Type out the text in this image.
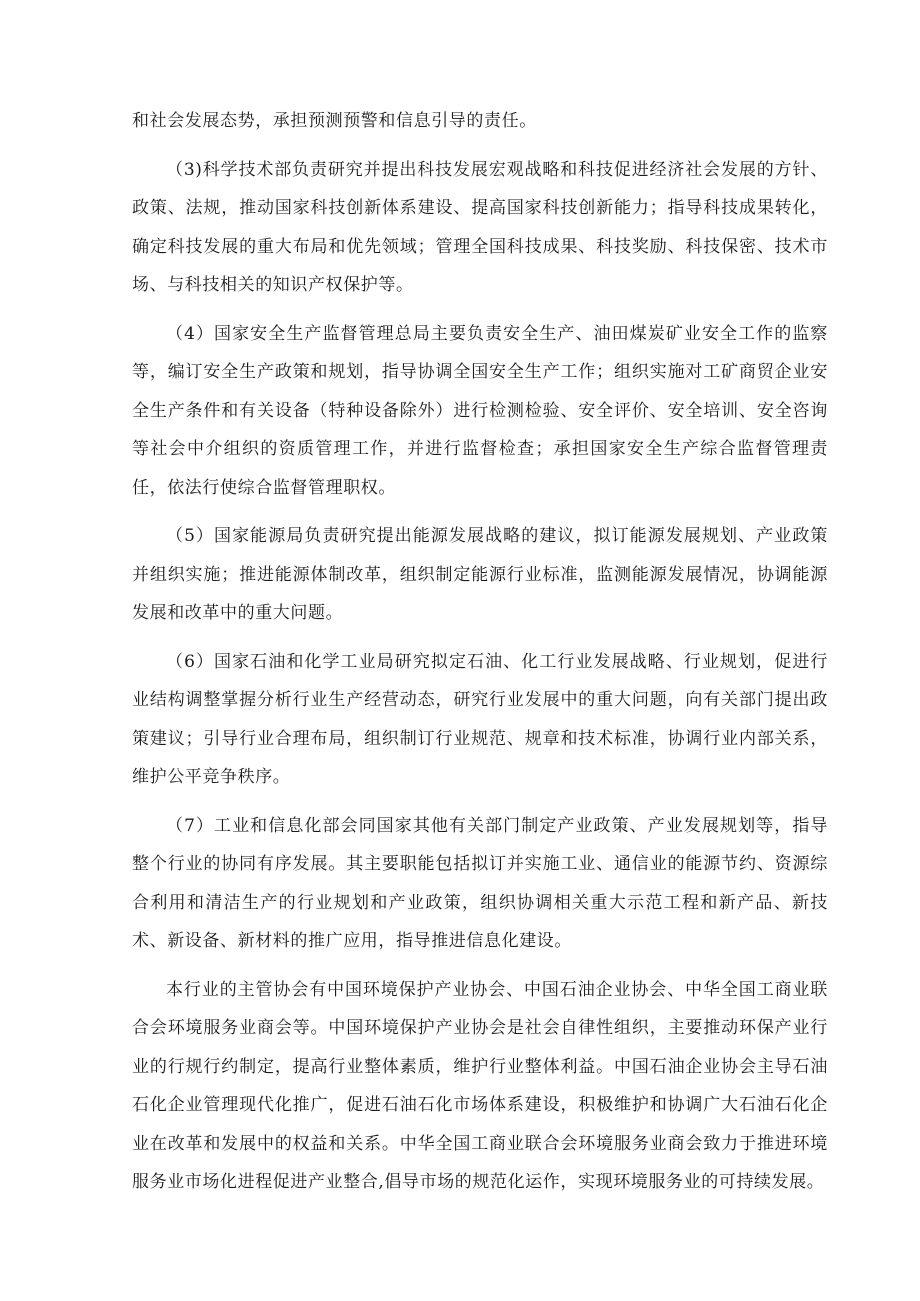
和社会发展态势，承担预测预警和信息引导的责任。

（3)科学技术部负责研究并提出科技发展宏观战略和科技促进经济社会发展的方针、政策、法规，推动国家科技创新体系建设、提高国家科技创新能力；指导科技成果转化，确定科技发展的重大布局和优先领域；管理全国科技成果、科技奖励、科技保密、技术市场、与科技相关的知识产权保护等。

（4）国家安全生产监督管理总局主要负责安全生产、油田煤炭矿业安全工作的监察等，编订安全生产政策和规划，指导协调全国安全生产工作；组织实施对工矿商贸企业安全生产条件和有关设备（特种设备除外）进行检测检验、安全评价、安全培训、安全咨询等社会中介组织的资质管理工作，并进行监督检查；承担国家安全生产综合监督管理责任，依法行使综合监督管理职权。

（5）国家能源局负责研究提出能源发展战略的建议，拟订能源发展规划、产业政策并组织实施；推进能源体制改革，组织制定能源行业标准，监测能源发展情况，协调能源发展和改革中的重大问题。

（6）国家石油和化学工业局研究拟定石油、化工行业发展战略、行业规划，促进行业结构调整掌握分析行业生产经营动态，研究行业发展中的重大问题，向有关部门提出政策建议；引导行业合理布局，组织制订行业规范、规章和技术标准，协调行业内部关系，维护公平竞争秩序。

（7）工业和信息化部会同国家其他有关部门制定产业政策、产业发展规划等，指导整个行业的协同有序发展。其主要职能包括拟订并实施工业、通信业的能源节约、资源综合利用和清洁生产的行业规划和产业政策，组织协调相关重大示范工程和新产品、新技术、新设备、新材料的推广应用，指导推进信息化建设。

本行业的主管协会有中国环境保护产业协会、中国石油企业协会、中华全国工商业联合会环境服务业商会等。中国环境保护产业协会是社会自律性组织，主要推动环保产业行业的行规行约制定，提高行业整体素质，维护行业整体利益。中国石油企业协会主导石油石化企业管理现代化推广，促进石油石化市场体系建设，积极维护和协调广大石油石化企业在改革和发展中的权益和关系。中华全国工商业联合会环境服务业商会致力于推进环境服务业市场化进程促进产业整合,倡导市场的规范化运作，实现环境服务业的可持续发展。
